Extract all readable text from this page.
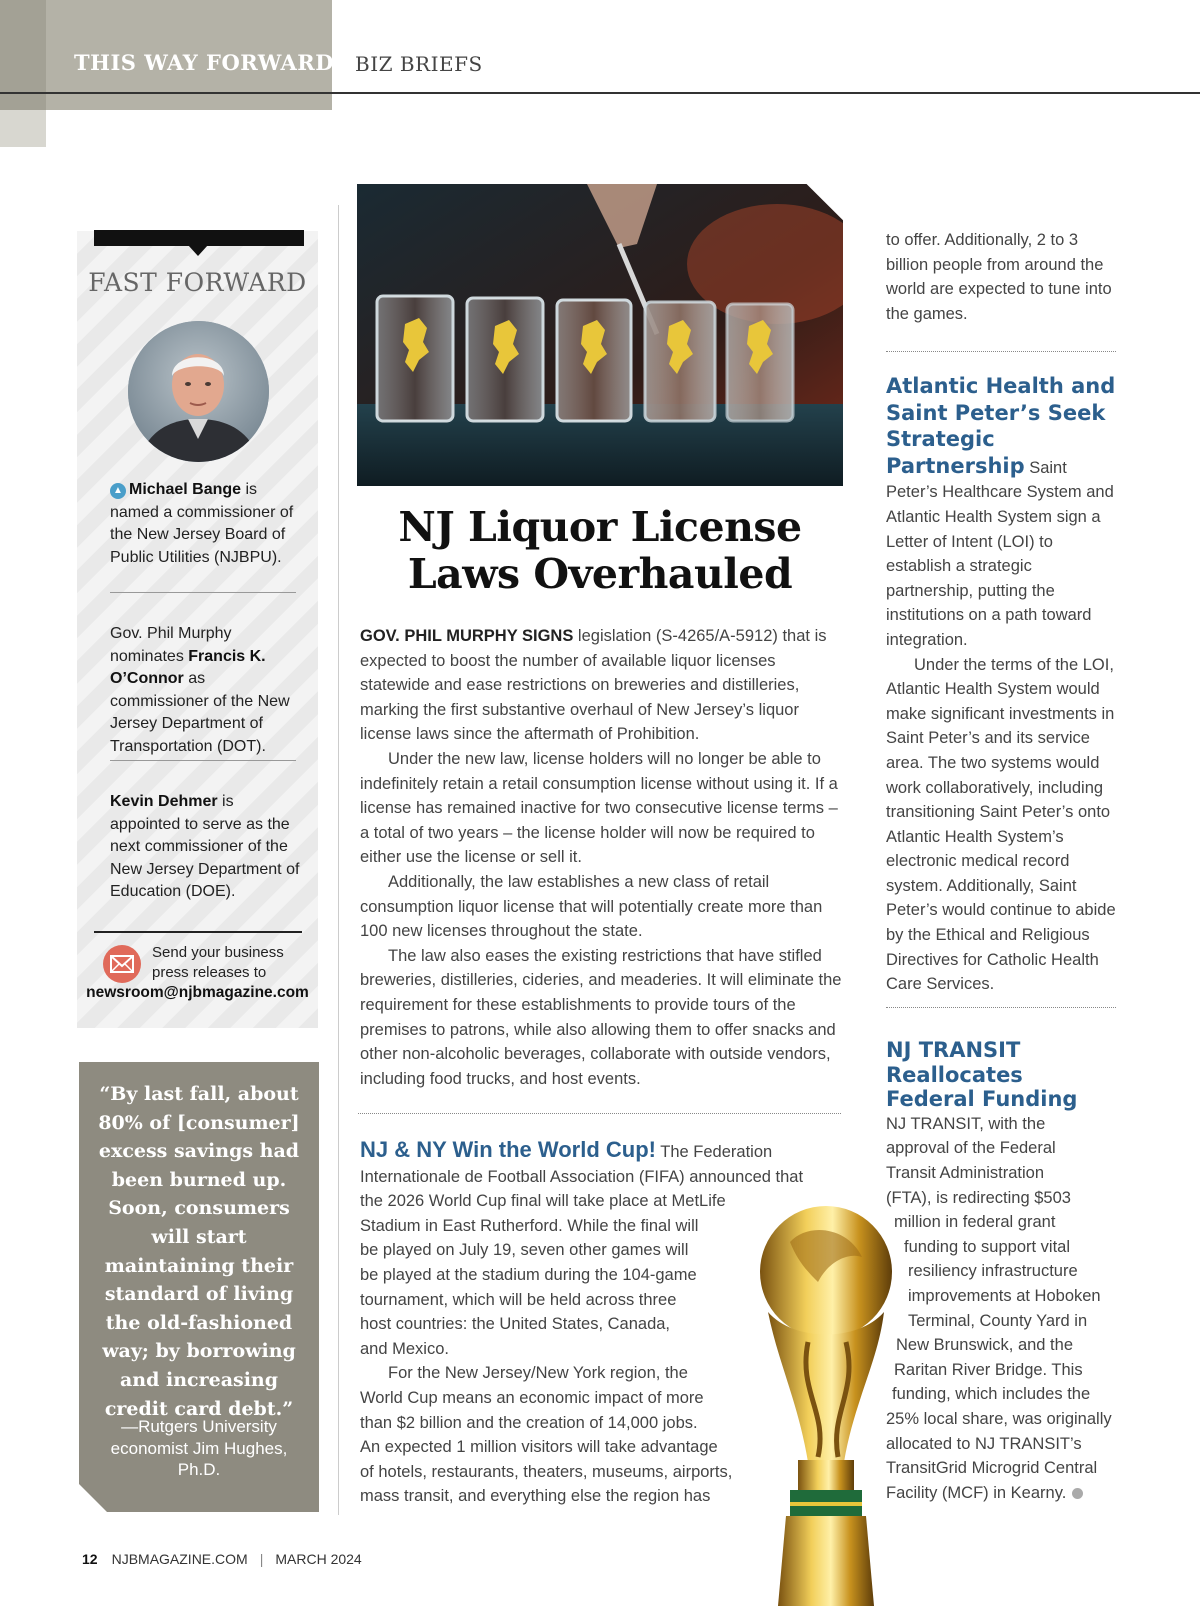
THIS WAY FORWARD BIZ BRIEFS
FAST FORWARD
▲ Michael Bange is named a commissioner of the New Jersey Board of Public Utilities (NJBPU).
Gov. Phil Murphy nominates Francis K. O’Connor as commissioner of the New Jersey Department of Transportation (DOT).
Kevin Dehmer is appointed to serve as the next commissioner of the New Jersey Department of Education (DOE).
Send your business press releases to
newsroom@njbmagazine.com
“By last fall, about 80% of [consumer] excess savings had been burned up. Soon, consumers will start maintaining their standard of living the old-fashioned way; by borrowing and increasing credit card debt.”
—Rutgers University economist Jim Hughes, Ph.D.
NJ Liquor License
Laws Overhauled

GOV. PHIL MURPHY SIGNS legislation (S-4265/A-5912) that is expected to boost the number of available liquor licenses statewide and ease restrictions on breweries and distilleries, marking the first substantive overhaul of New Jersey’s liquor license laws since the aftermath of Prohibition.

Under the new law, license holders will no longer be able to indefinitely retain a retail consumption license without using it. If a license has remained inactive for two consecutive license terms – a total of two years – the license holder will now be required to either use the license or sell it.

Additionally, the law establishes a new class of retail consumption liquor license that will potentially create more than 100 new licenses throughout the state.

The law also eases the existing restrictions that have stifled breweries, distilleries, cideries, and meaderies. It will eliminate the requirement for these establishments to provide tours of the premises to patrons, while also allowing them to offer snacks and other non-alcoholic beverages, collaborate with outside vendors, including food trucks, and host events.

NJ & NY Win the World Cup! The Federation
Internationale de Football Association (FIFA) announced that
the 2026 World Cup final will take place at MetLife
Stadium in East Rutherford. While the final will
be played on July 19, seven other games will
be played at the stadium during the 104-game
tournament, which will be held across three
host countries: the United States, Canada,
and Mexico.
For the New Jersey/New York region, the
World Cup means an economic impact of more
than $2 billion and the creation of 14,000 jobs.
An expected 1 million visitors will take advantage
of hotels, restaurants, theaters, museums, airports,
mass transit, and everything else the region has

to offer. Additionally, 2 to 3 billion people from around the world are expected to tune into the games.

Atlantic Health and Saint Peter’s Seek Strategic Partnership Saint Peter’s Healthcare System and Atlantic Health System sign a Letter of Intent (LOI) to establish a strategic partnership, putting the institutions on a path toward integration.

Under the terms of the LOI, Atlantic Health System would make significant investments in Saint Peter’s and its service area. The two systems would work collaboratively, including transitioning Saint Peter’s onto Atlantic Health System’s electronic medical record system. Additionally, Saint Peter’s would continue to abide by the Ethical and Religious Directives for Catholic Health Care Services.

NJ TRANSIT Reallocates Federal Funding
NJ TRANSIT, with the
approval of the Federal
Transit Administration
(FTA), is redirecting $503
million in federal grant
funding to support vital
resiliency infrastructure
improvements at Hoboken
Terminal, County Yard in
New Brunswick, and the
Raritan River Bridge. This
funding, which includes the
25% local share, was originally
allocated to NJ TRANSIT’s
TransitGrid Microgrid Central
Facility (MCF) in Kearny.
12 NJBMAGAZINE.COM | MARCH 2024
